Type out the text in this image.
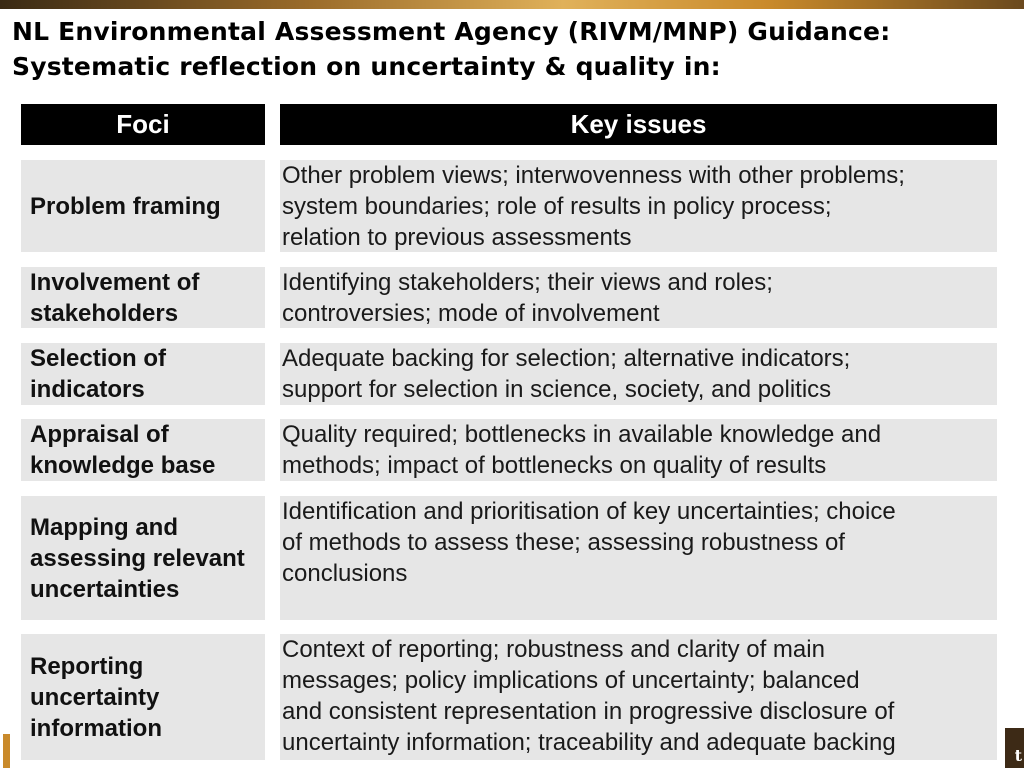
NL Environmental Assessment Agency (RIVM/MNP) Guidance:
Systematic reflection on uncertainty & quality in:
Foci	Key issues
Problem framing
Other problem views; interwovenness with other problems;
system boundaries; role of results in policy process;
relation to previous assessments
Involvement of stakeholders
Identifying stakeholders; their views and roles;
controversies; mode of involvement
Selection of indicators
Adequate backing for selection; alternative indicators;
support for selection in science, society, and politics
Appraisal of knowledge base
Quality required; bottlenecks in available knowledge and
methods; impact of bottlenecks on quality of results
Mapping and assessing relevant uncertainties
Identification and prioritisation of key uncertainties; choice
of methods to assess these; assessing robustness of
conclusions
Reporting uncertainty information
Context of reporting; robustness and clarity of main
messages; policy implications of uncertainty; balanced
and consistent representation in progressive disclosure of
uncertainty information; traceability and adequate backing	t
